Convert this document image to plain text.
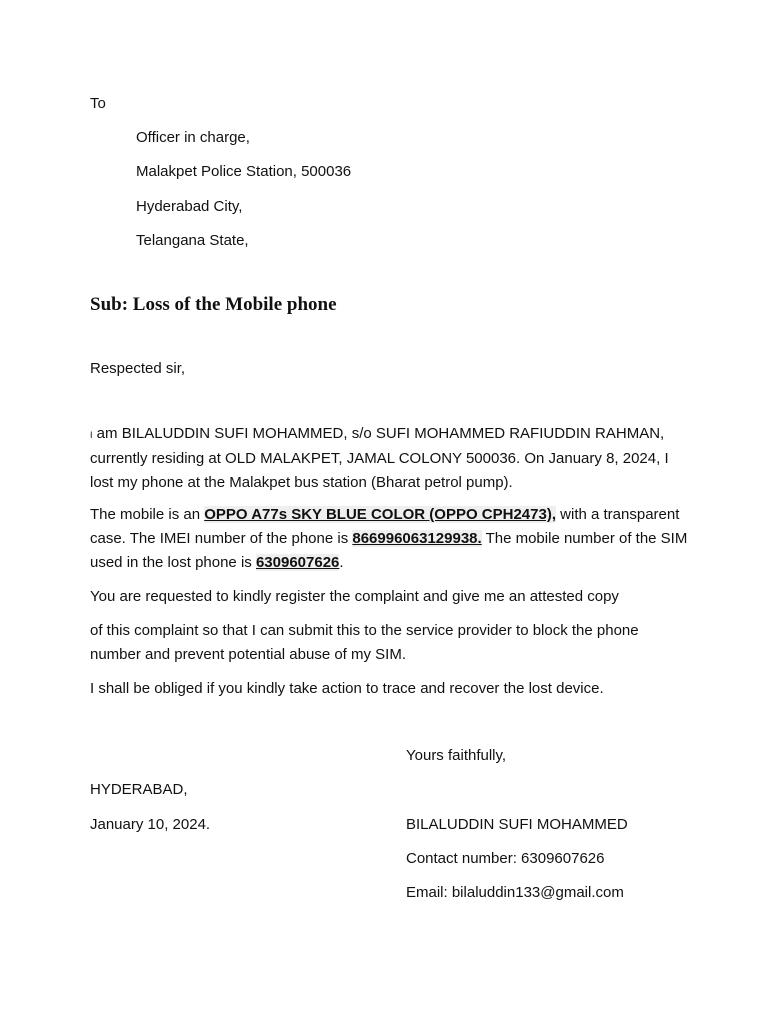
To
Officer in charge,
Malakpet Police Station, 500036
Hyderabad City,
Telangana State,
Sub: Loss of the Mobile phone
Respected sir,
I am BILALUDDIN SUFI MOHAMMED, s/o SUFI MOHAMMED RAFIUDDIN RAHMAN, currently residing at OLD MALAKPET, JAMAL COLONY 500036. On January 8, 2024, I lost my phone at the Malakpet bus station (Bharat petrol pump).
The mobile is an OPPO A77s SKY BLUE COLOR (OPPO CPH2473), with a transparent case. The IMEI number of the phone is 866996063129938. The mobile number of the SIM used in the lost phone is 6309607626.
You are requested to kindly register the complaint and give me an attested copy
of this complaint so that I can submit this to the service provider to block the phone number and prevent potential abuse of my SIM.
I shall be obliged if you kindly take action to trace and recover the lost device.
Yours faithfully,
HYDERABAD,
January 10, 2024.	BILALUDDIN SUFI MOHAMMED
Contact number: 6309607626
Email: bilaluddin133@gmail.com
